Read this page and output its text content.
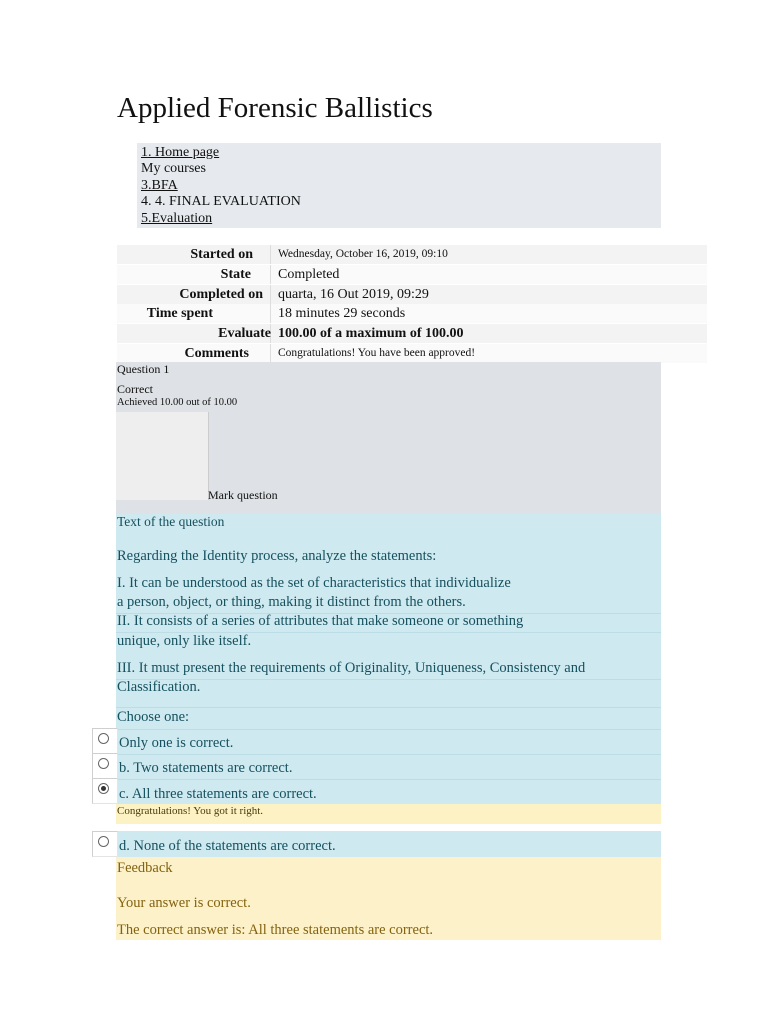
Applied Forensic Ballistics
1. Home page
My courses
3.BFA
4. 4. FINAL EVALUATION
5.Evaluation
Started on Wednesday, October 16, 2019, 09:10
State Completed
Completed on quarta, 16 Out 2019, 09:29
Time spent	18 minutes 29 seconds
Evaluate 100.00 of a maximum of 100.00
Comments	Congratulations! You have been approved!
Question 1
Correct
Achieved 10.00 out of 10.00
Mark question
Text of the question
Regarding the Identity process, analyze the statements:
I. It can be understood as the set of characteristics that individualize
a person, object, or thing, making it distinct from the others.
II. It consists of a series of attributes that make someone or something
unique, only like itself.
III. It must present the requirements of Originality, Uniqueness, Consistency and
Classification.
Choose one:
Only one is correct.
b. Two statements are correct.
c. All three statements are correct.
Congratulations! You got it right.
d. None of the statements are correct.
Feedback
Your answer is correct.
The correct answer is: All three statements are correct.
